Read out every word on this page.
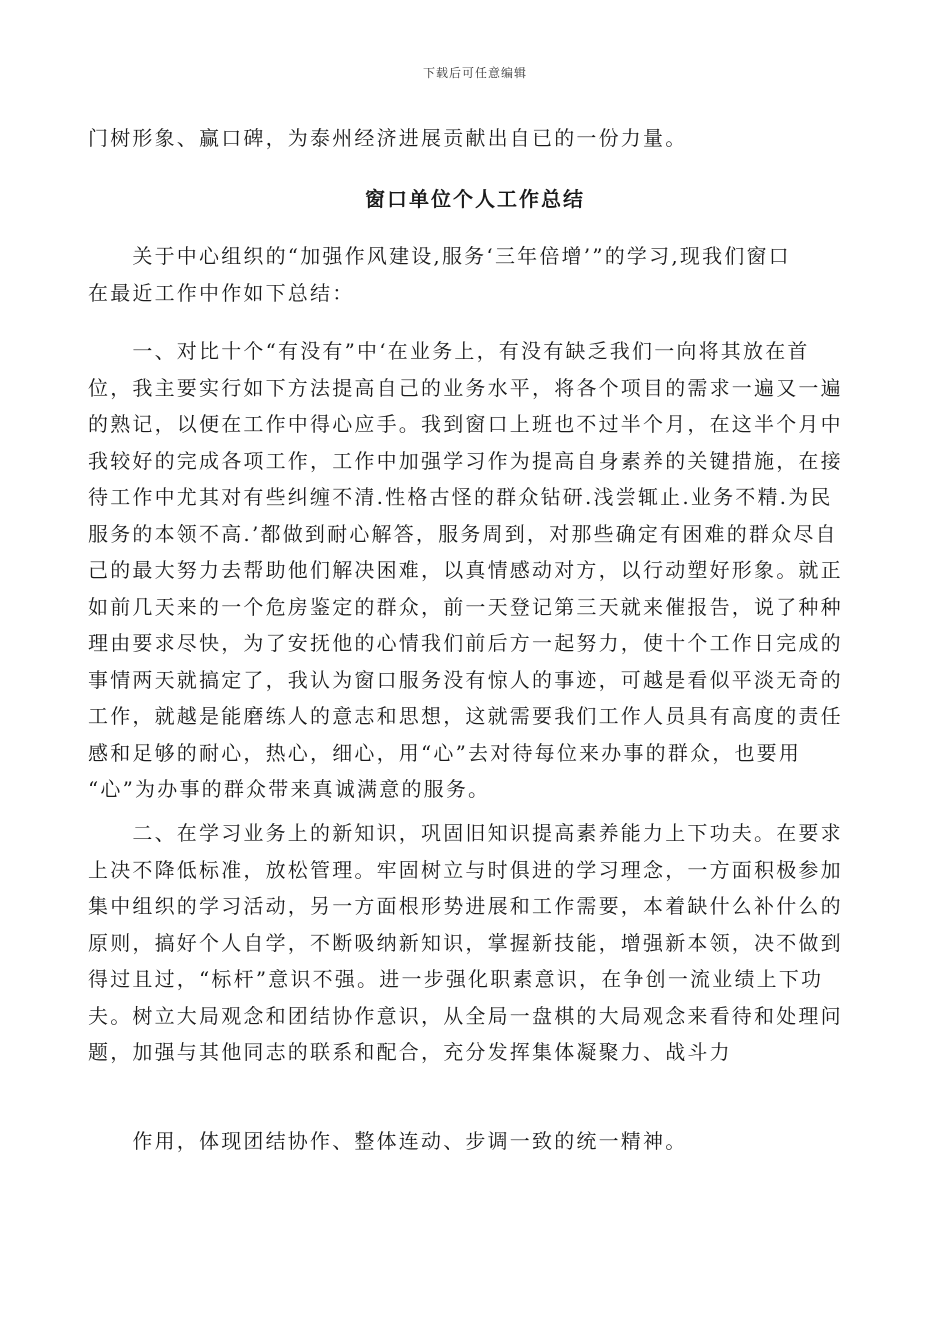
下载后可任意编辑
门树形象、赢口碑，为泰州经济进展贡献出自已的一份力量。
窗口单位个人工作总结
　　关于中心组织的“加强作风建设,服务‘三年倍增’”的学习,现我们窗口
在最近工作中作如下总结：
　　一、对比十个“有没有”中‘在业务上，有没有缺乏我们一向将其放在首
位，我主要实行如下方法提高自己的业务水平，将各个项目的需求一遍又一遍
的熟记，以便在工作中得心应手。我到窗口上班也不过半个月，在这半个月中
我较好的完成各项工作，工作中加强学习作为提高自身素养的关键措施，在接
待工作中尤其对有些纠缠不清.性格古怪的群众钻研.浅尝辄止.业务不精.为民
服务的本领不高.’都做到耐心解答，服务周到，对那些确定有困难的群众尽自
己的最大努力去帮助他们解决困难，以真情感动对方，以行动塑好形象。就正
如前几天来的一个危房鉴定的群众，前一天登记第三天就来催报告，说了种种
理由要求尽快，为了安抚他的心情我们前后方一起努力，使十个工作日完成的
事情两天就搞定了，我认为窗口服务没有惊人的事迹，可越是看似平淡无奇的
工作，就越是能磨练人的意志和思想，这就需要我们工作人员具有高度的责任
感和足够的耐心，热心，细心，用“心”去对待每位来办事的群众，也要用
“心”为办事的群众带来真诚满意的服务。
　　二、在学习业务上的新知识，巩固旧知识提高素养能力上下功夫。在要求
上决不降低标准，放松管理。牢固树立与时俱进的学习理念，一方面积极参加
集中组织的学习活动，另一方面根形势进展和工作需要，本着缺什么补什么的
原则，搞好个人自学，不断吸纳新知识，掌握新技能，增强新本领，决不做到
得过且过，“标杆”意识不强。进一步强化职素意识，在争创一流业绩上下功
夫。树立大局观念和团结协作意识，从全局一盘棋的大局观念来看待和处理问
题，加强与其他同志的联系和配合，充分发挥集体凝聚力、战斗力
　　作用，体现团结协作、整体连动、步调一致的统一精神。
